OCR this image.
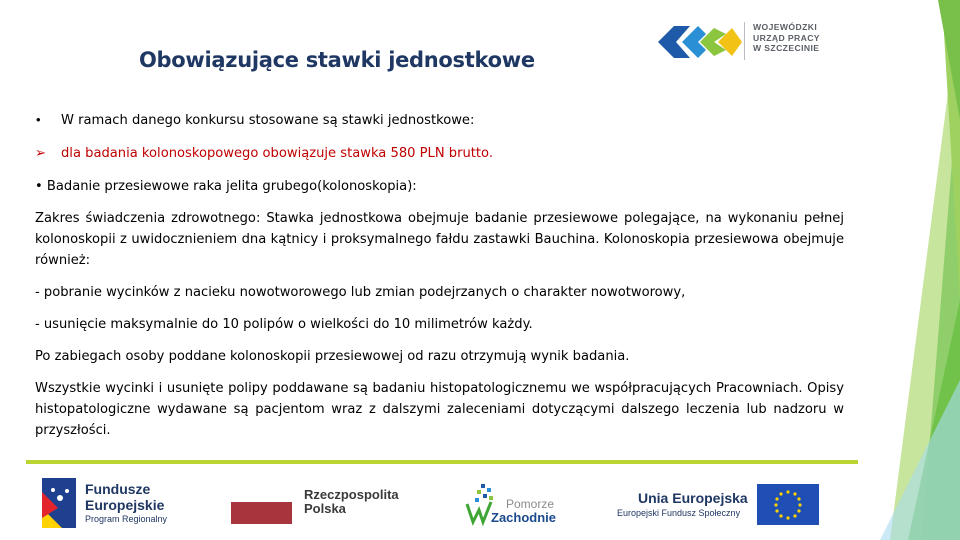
WOJEWÓDZKI
URZĄD PRACY
W SZCZECINIE
Obowiązujące stawki jednostkowe
•	W ramach danego konkursu stosowane są stawki jednostkowe:
➢	dla badania kolonoskopowego obowiązuje stawka 580 PLN brutto.
• Badanie przesiewowe raka jelita grubego(kolonoskopia):
Zakres świadczenia zdrowotnego: Stawka jednostkowa obejmuje badanie przesiewowe polegające, na wykonaniu pełnej kolonoskopii z uwidocznieniem dna kątnicy i proksymalnego fałdu zastawki Bauchina. Kolonoskopia przesiewowa obejmuje również:
- pobranie wycinków z nacieku nowotworowego lub zmian podejrzanych o charakter nowotworowy,
- usunięcie maksymalnie do 10 polipów o wielkości do 10 milimetrów każdy.
Po zabiegach osoby poddane kolonoskopii przesiewowej od razu otrzymują wynik badania.
Wszystkie wycinki i usunięte polipy poddawane są badaniu histopatologicznemu we współpracujących Pracowniach. Opisy histopatologiczne wydawane są pacjentom wraz z dalszymi zaleceniami dotyczącymi dalszego leczenia lub nadzoru w przyszłości.
Fundusze
Europejskie
Program Regionalny
Rzeczpospolita
Polska	Pomorze
Zachodnie
Unia Europejska
Europejski Fundusz Społeczny
